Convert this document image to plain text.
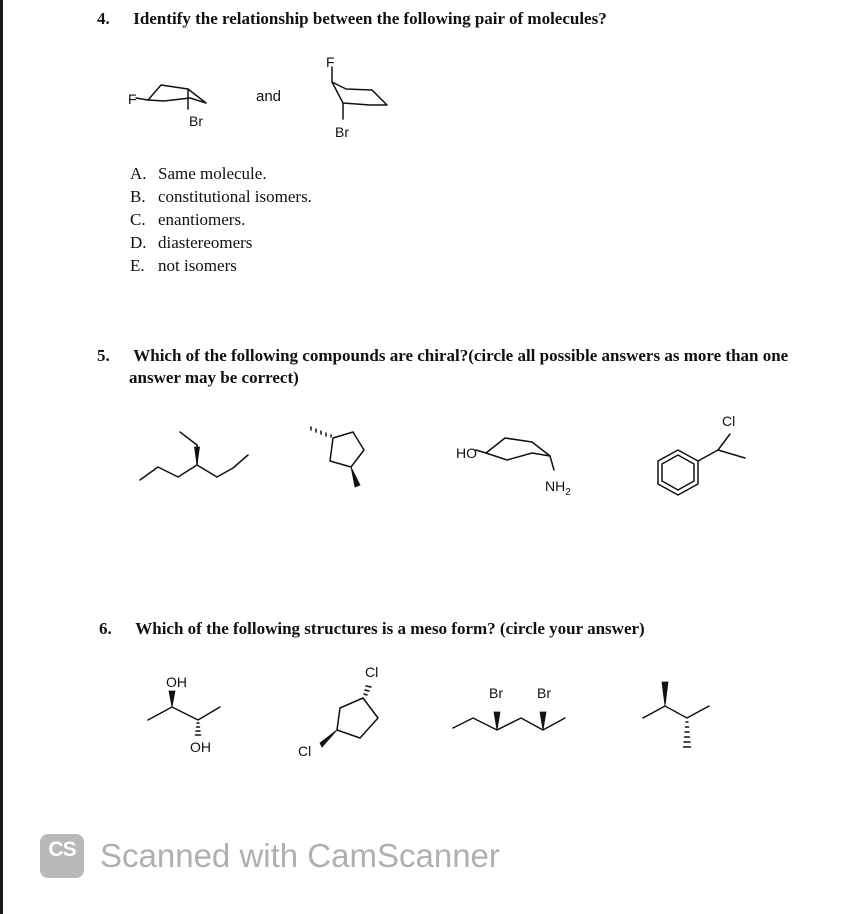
4. Identify the relationship between the following pair of molecules?
F
Br
and
F
Br
A. Same molecule.
B. constitutional isomers.
C. enantiomers.
D. diastereomers
E. not isomers
5. Which of the following compounds are chiral?(circle all possible answers as more than one
answer may be correct)
HO
$NH_2$
Cl
6. Which of the following structures is a meso form? (circle your answer)
OH
OH
Cl
Cl
Br Br
CS Scanned with CamScanner
